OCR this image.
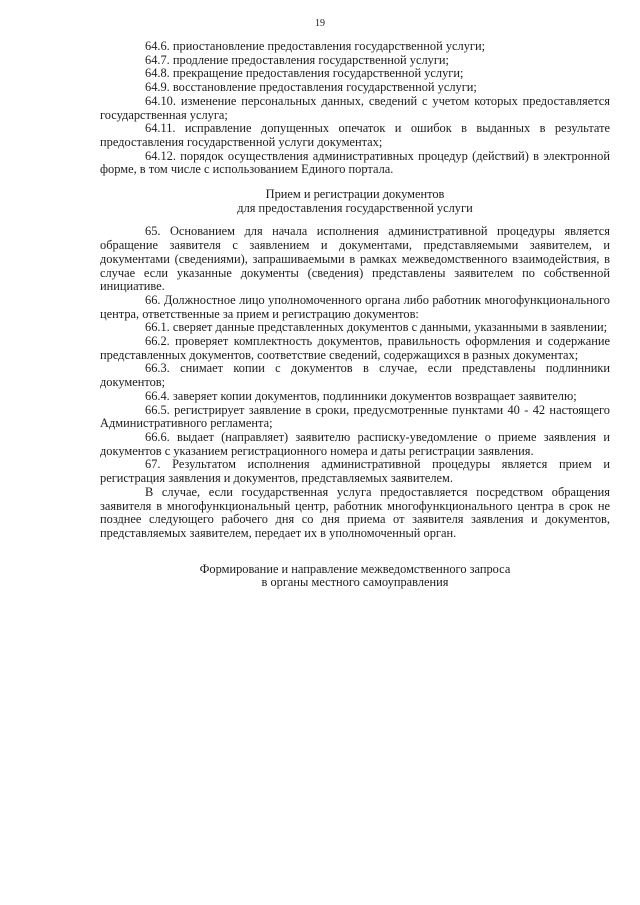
19

64.6. приостановление предоставления государственной услуги;

64.7. продление предоставления государственной услуги;

64.8. прекращение предоставления государственной услуги;

64.9. восстановление предоставления государственной услуги;

64.10. изменение персональных данных, сведений с учетом которых предоставляется государственная услуга;

64.11. исправление допущенных опечаток и ошибок в выданных в результате предоставления государственной услуги документах;

64.12. порядок осуществления административных процедур (действий) в электронной форме, в том числе с использованием Единого портала.

Прием и регистрации документов
для предоставления государственной услуги

65. Основанием для начала исполнения административной процедуры является обращение заявителя с заявлением и документами, представляемыми заявителем, и документами (сведениями), запрашиваемыми в рамках межведомственного взаимодействия, в случае если указанные документы (сведения) представлены заявителем по собственной инициативе.

66. Должностное лицо уполномоченного органа либо работник многофункционального центра, ответственные за прием и регистрацию документов:

66.1. сверяет данные представленных документов с данными, указанными в заявлении;

66.2. проверяет комплектность документов, правильность оформления и содержание представленных документов, соответствие сведений, содержащихся в разных документах;

66.3. снимает копии с документов в случае, если представлены подлинники документов;

66.4. заверяет копии документов, подлинники документов возвращает заявителю;

66.5. регистрирует заявление в сроки, предусмотренные пунктами 40 - 42 настоящего Административного регламента;

66.6. выдает (направляет) заявителю расписку-уведомление о приеме заявления и документов с указанием регистрационного номера и даты регистрации заявления.

67. Результатом исполнения административной процедуры является прием и регистрация заявления и документов, представляемых заявителем.

В случае, если государственная услуга предоставляется посредством обращения заявителя в многофункциональный центр, работник многофункционального центра в срок не позднее следующего рабочего дня со дня приема от заявителя заявления и документов, представляемых заявителем, передает их в уполномоченный орган.

Формирование и направление межведомственного запроса
в органы местного самоуправления
